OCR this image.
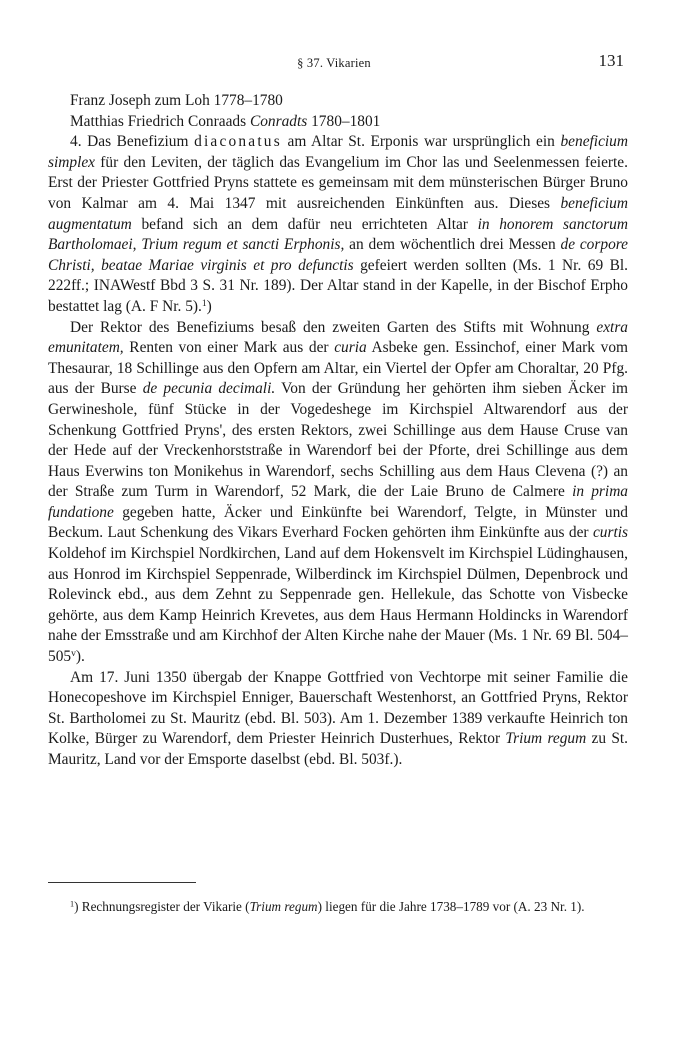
§ 37. Vikarien	131

Franz Joseph zum Loh 1778–1780

Matthias Friedrich Conraads Conradts 1780–1801

4. Das Benefizium diaconatus am Altar St. Erponis war ursprünglich ein beneficium simplex für den Leviten, der täglich das Evangelium im Chor las und Seelenmessen feierte. Erst der Priester Gottfried Pryns stattete es gemeinsam mit dem münsterischen Bürger Bruno von Kalmar am 4. Mai 1347 mit ausreichenden Einkünften aus. Dieses beneficium augmentatum befand sich an dem dafür neu errichteten Altar in honorem sanctorum Bartholomaei, Trium regum et sancti Erphonis, an dem wöchentlich drei Messen de corpore Christi, beatae Mariae virginis et pro defunctis gefeiert werden sollten (Ms. 1 Nr. 69 Bl. 222ff.; INAWestf Bbd 3 S. 31 Nr. 189). Der Altar stand in der Kapelle, in der Bischof Erpho bestattet lag (A. F Nr. 5).$^1$)

Der Rektor des Benefiziums besaß den zweiten Garten des Stifts mit Wohnung extra emunitatem, Renten von einer Mark aus der curia Asbeke gen. Essinchof, einer Mark vom Thesaurar, 18 Schillinge aus den Opfern am Altar, ein Viertel der Opfer am Choraltar, 20 Pfg. aus der Burse de pecunia decimali. Von der Gründung her gehörten ihm sieben Äcker im Gerwineshole, fünf Stücke in der Vogedeshege im Kirchspiel Altwarendorf aus der Schenkung Gottfried Pryns', des ersten Rektors, zwei Schillinge aus dem Hause Cruse van der Hede auf der Vreckenhorststraße in Warendorf bei der Pforte, drei Schillinge aus dem Haus Everwins ton Monikehus in Warendorf, sechs Schilling aus dem Haus Clevena (?) an der Straße zum Turm in Warendorf, 52 Mark, die der Laie Bruno de Calmere in prima fundatione gegeben hatte, Äcker und Einkünfte bei Warendorf, Telgte, in Münster und Beckum. Laut Schenkung des Vikars Everhard Focken gehörten ihm Einkünfte aus der curtis Koldehof im Kirchspiel Nordkirchen, Land auf dem Hokensvelt im Kirchspiel Lüdinghausen, aus Honrod im Kirchspiel Seppenrade, Wilberdinck im Kirchspiel Dülmen, Depenbrock und Rolevinck ebd., aus dem Zehnt zu Seppenrade gen. Hellekule, das Schotte von Visbecke gehörte, aus dem Kamp Heinrich Krevetes, aus dem Haus Hermann Holdincks in Warendorf nahe der Emsstraße und am Kirchhof der Alten Kirche nahe der Mauer (Ms. 1 Nr. 69 Bl. 504–505$^v$).

Am 17. Juni 1350 übergab der Knappe Gottfried von Vechtorpe mit seiner Familie die Honecopeshove im Kirchspiel Enniger, Bauerschaft Westenhorst, an Gottfried Pryns, Rektor St. Bartholomei zu St. Mauritz (ebd. Bl. 503). Am 1. Dezember 1389 verkaufte Heinrich ton Kolke, Bürger zu Warendorf, dem Priester Heinrich Dusterhues, Rektor Trium regum zu St. Mauritz, Land vor der Emsporte daselbst (ebd. Bl. 503f.).

$^1$) Rechnungsregister der Vikarie (Trium regum) liegen für die Jahre 1738–1789 vor (A. 23 Nr. 1).
